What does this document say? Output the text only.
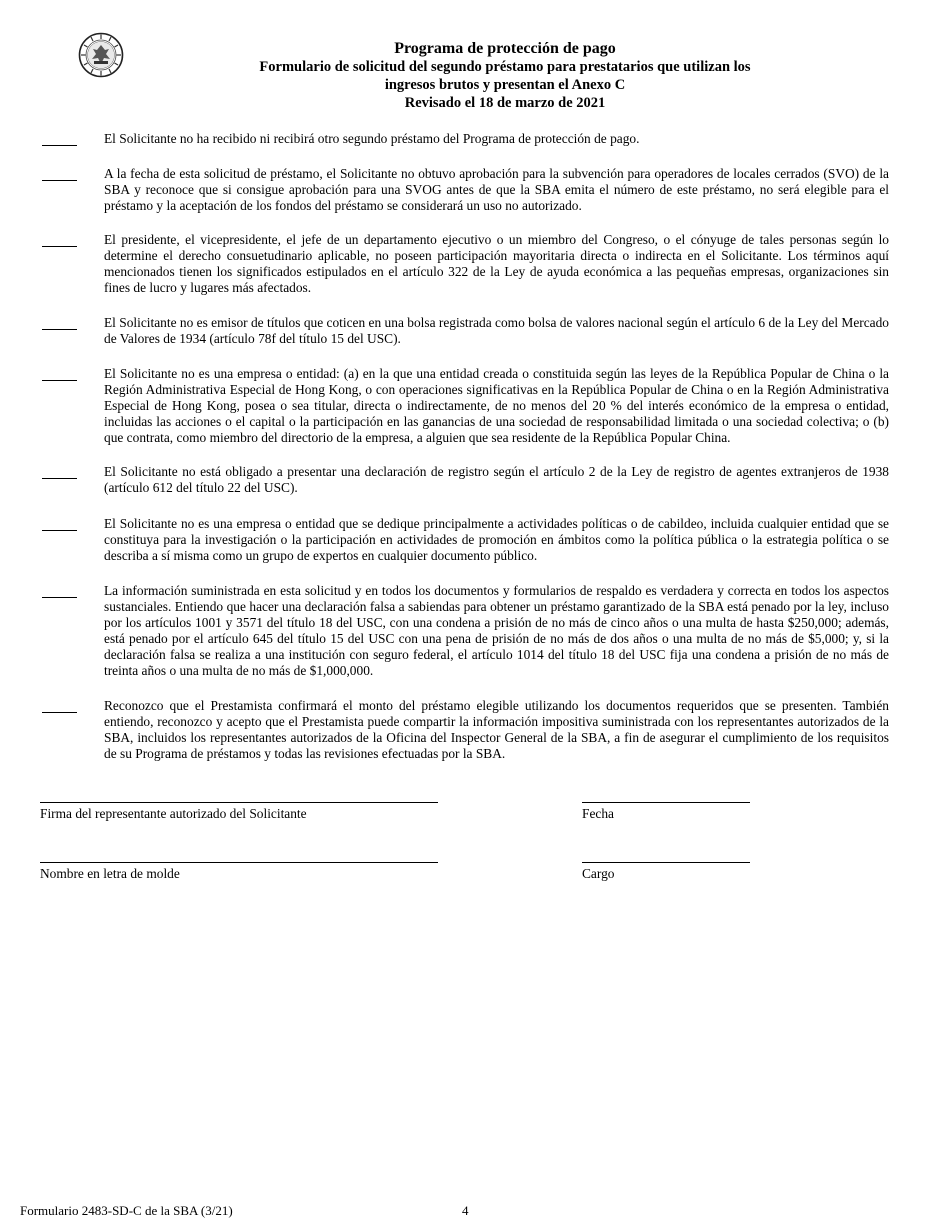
Programa de protección de pago
Formulario de solicitud del segundo préstamo para prestatarios que utilizan los
ingresos brutos y presentan el Anexo C
Revisado el 18 de marzo de 2021
El Solicitante no ha recibido ni recibirá otro segundo préstamo del Programa de protección de pago.
A la fecha de esta solicitud de préstamo, el Solicitante no obtuvo aprobación para la subvención para operadores de locales cerrados (SVO) de la SBA y reconoce que si consigue aprobación para una SVOG antes de que la SBA emita el número de este préstamo, no será elegible para el préstamo y la aceptación de los fondos del préstamo se considerará un uso no autorizado.
El presidente, el vicepresidente, el jefe de un departamento ejecutivo o un miembro del Congreso, o el cónyuge de tales personas según lo determine el derecho consuetudinario aplicable, no poseen participación mayoritaria directa o indirecta en el Solicitante. Los términos aquí mencionados tienen los significados estipulados en el artículo 322 de la Ley de ayuda económica a las pequeñas empresas, organizaciones sin fines de lucro y lugares más afectados.
El Solicitante no es emisor de títulos que coticen en una bolsa registrada como bolsa de valores nacional según el artículo 6 de la Ley del Mercado de Valores de 1934 (artículo 78f del título 15 del USC).
El Solicitante no es una empresa o entidad: (a) en la que una entidad creada o constituida según las leyes de la República Popular de China o la Región Administrativa Especial de Hong Kong, o con operaciones significativas en la República Popular de China o en la Región Administrativa Especial de Hong Kong, posea o sea titular, directa o indirectamente, de no menos del 20 % del interés económico de la empresa o entidad, incluidas las acciones o el capital o la participación en las ganancias de una sociedad de responsabilidad limitada o una sociedad colectiva; o (b) que contrata, como miembro del directorio de la empresa, a alguien que sea residente de la República Popular China.
El Solicitante no está obligado a presentar una declaración de registro según el artículo 2 de la Ley de registro de agentes extranjeros de 1938 (artículo 612 del título 22 del USC).
El Solicitante no es una empresa o entidad que se dedique principalmente a actividades políticas o de cabildeo, incluida cualquier entidad que se constituya para la investigación o la participación en actividades de promoción en ámbitos como la política pública o la estrategia política o se describa a sí misma como un grupo de expertos en cualquier documento público.
La información suministrada en esta solicitud y en todos los documentos y formularios de respaldo es verdadera y correcta en todos los aspectos sustanciales. Entiendo que hacer una declaración falsa a sabiendas para obtener un préstamo garantizado de la SBA está penado por la ley, incluso por los artículos 1001 y 3571 del título 18 del USC, con una condena a prisión de no más de cinco años o una multa de hasta $250,000; además, está penado por el artículo 645 del título 15 del USC con una pena de prisión de no más de dos años o una multa de no más de $5,000; y, si la declaración falsa se realiza a una institución con seguro federal, el artículo 1014 del título 18 del USC fija una condena a prisión de no más de treinta años o una multa de no más de $1,000,000.
Reconozco que el Prestamista confirmará el monto del préstamo elegible utilizando los documentos requeridos que se presenten. También entiendo, reconozco y acepto que el Prestamista puede compartir la información impositiva suministrada con los representantes autorizados de la SBA, incluidos los representantes autorizados de la Oficina del Inspector General de la SBA, a fin de asegurar el cumplimiento de los requisitos de su Programa de préstamos y todas las revisiones efectuadas por la SBA.
Firma del representante autorizado del Solicitante	Fecha
Nombre en letra de molde	Cargo
Formulario 2483-SD-C de la SBA (3/21)	4
